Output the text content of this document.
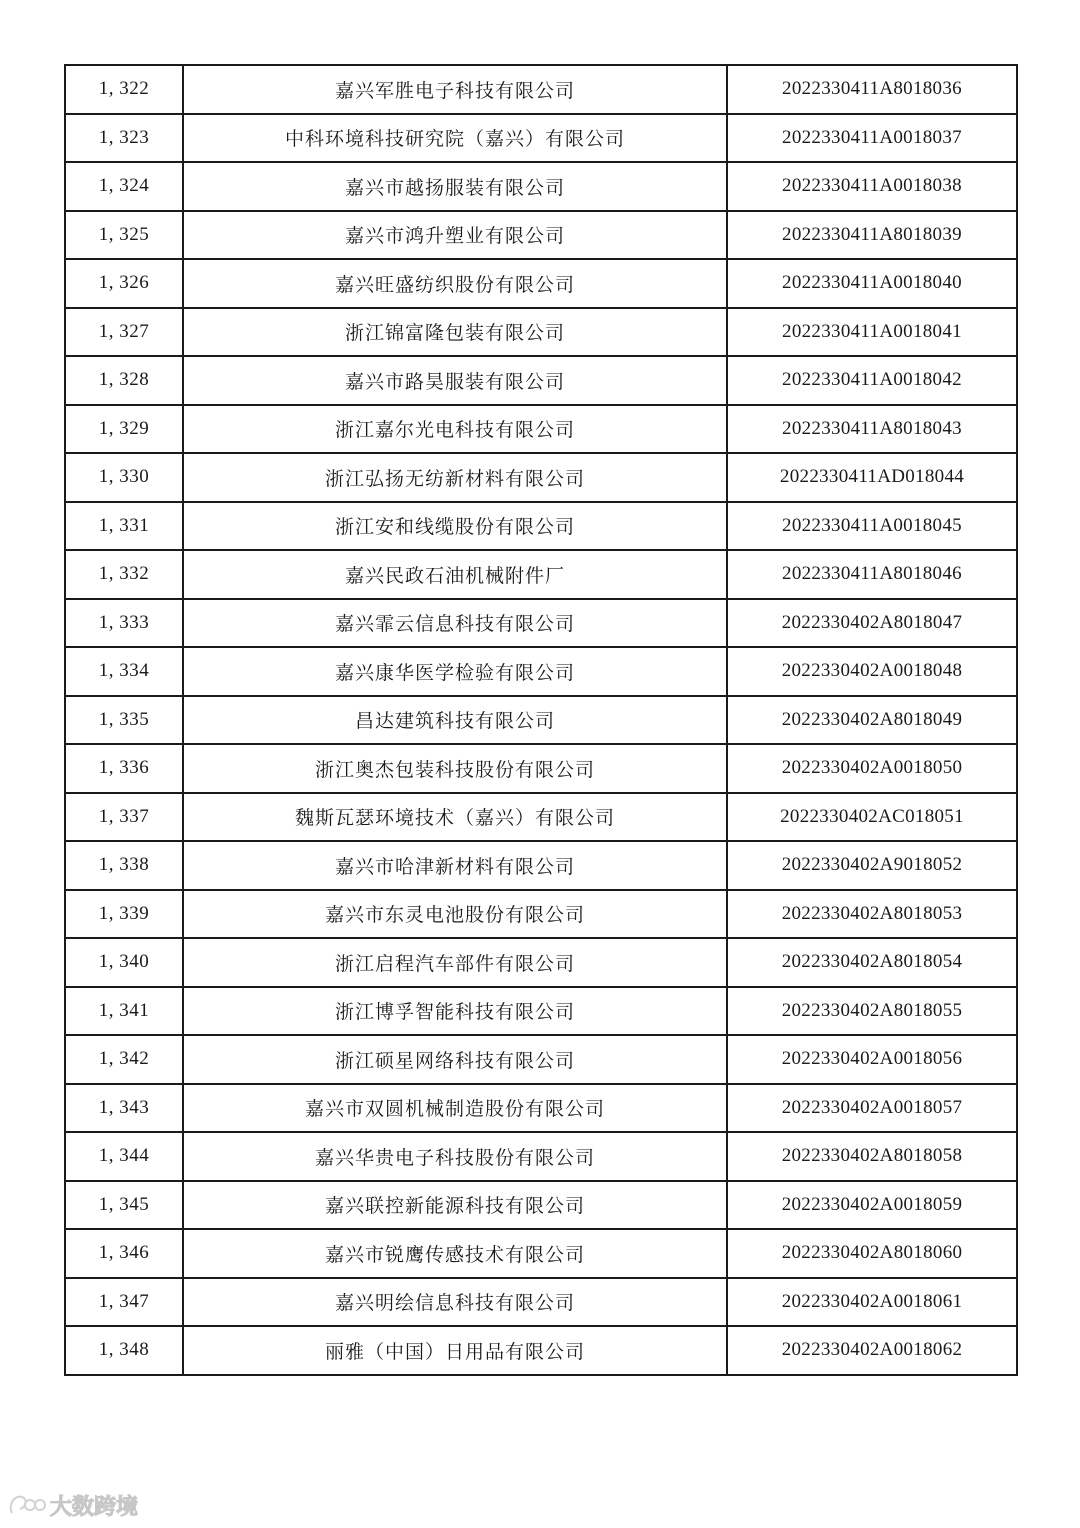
1, 322	嘉兴军胜电子科技有限公司	2022330411A8018036
1, 323	中科环境科技研究院（嘉兴）有限公司	2022330411A0018037
1, 324	嘉兴市越扬服装有限公司	2022330411A0018038
1, 325	嘉兴市鸿升塑业有限公司	2022330411A8018039
1, 326	嘉兴旺盛纺织股份有限公司	2022330411A0018040
1, 327	浙江锦富隆包装有限公司	2022330411A0018041
1, 328	嘉兴市路昊服装有限公司	2022330411A0018042
1, 329	浙江嘉尔光电科技有限公司	2022330411A8018043
1, 330	浙江弘扬无纺新材料有限公司	2022330411AD018044
1, 331	浙江安和线缆股份有限公司	2022330411A0018045
1, 332	嘉兴民政石油机械附件厂	2022330411A8018046
1, 333	嘉兴霏云信息科技有限公司	2022330402A8018047
1, 334	嘉兴康华医学检验有限公司	2022330402A0018048
1, 335	昌达建筑科技有限公司	2022330402A8018049
1, 336	浙江奥杰包装科技股份有限公司	2022330402A0018050
1, 337	魏斯瓦瑟环境技术（嘉兴）有限公司	2022330402AC018051
1, 338	嘉兴市哈津新材料有限公司	2022330402A9018052
1, 339	嘉兴市东灵电池股份有限公司	2022330402A8018053
1, 340	浙江启程汽车部件有限公司	2022330402A8018054
1, 341	浙江博孚智能科技有限公司	2022330402A8018055
1, 342	浙江硕星网络科技有限公司	2022330402A0018056
1, 343	嘉兴市双圆机械制造股份有限公司	2022330402A0018057
1, 344	嘉兴华贵电子科技股份有限公司	2022330402A8018058
1, 345	嘉兴联控新能源科技有限公司	2022330402A0018059
1, 346	嘉兴市锐鹰传感技术有限公司	2022330402A8018060
1, 347	嘉兴明绘信息科技有限公司	2022330402A0018061
1, 348	丽雅（中国）日用品有限公司	2022330402A0018062
大数跨境
